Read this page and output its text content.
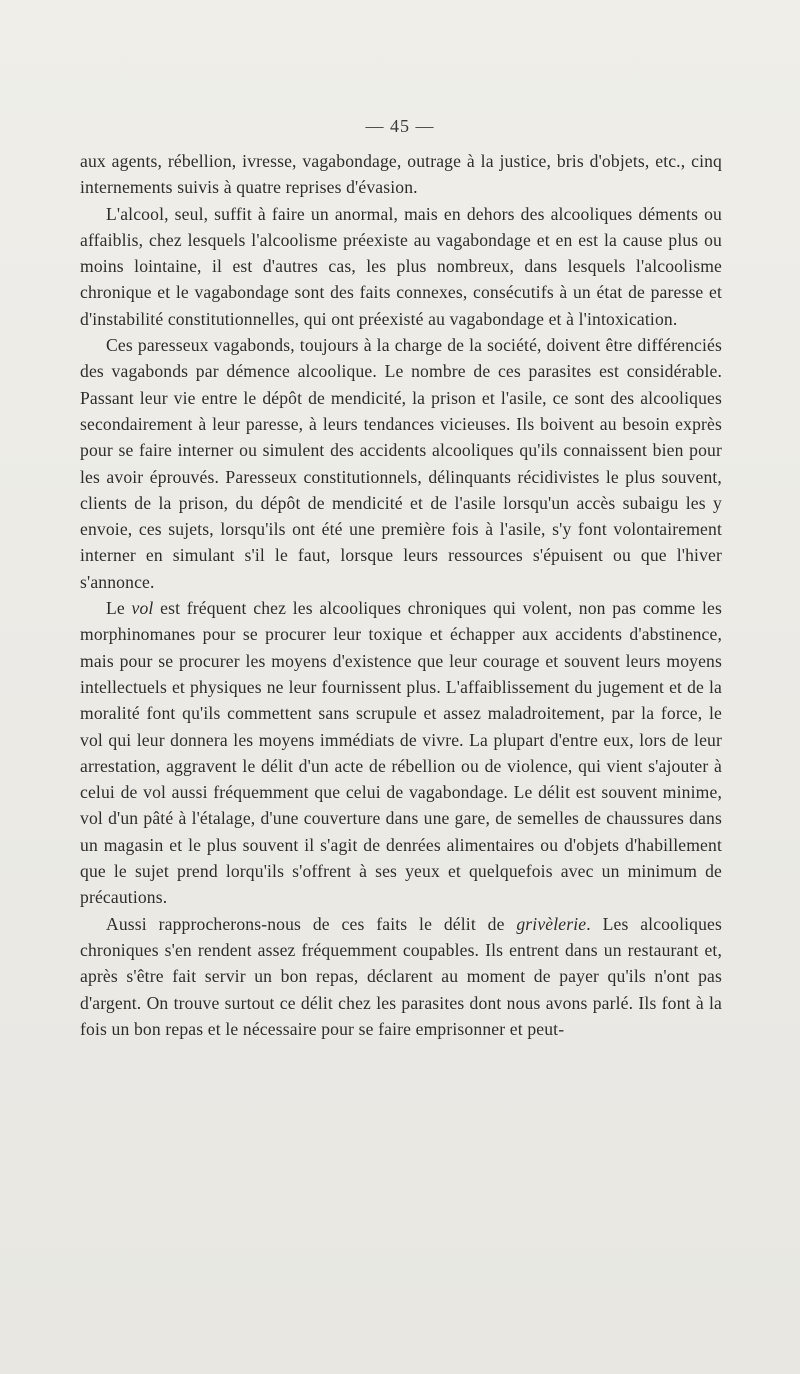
— 45 —

aux agents, rébellion, ivresse, vagabondage, outrage à la justice, bris d'objets, etc., cinq internements suivis à quatre reprises d'évasion.

L'alcool, seul, suffit à faire un anormal, mais en dehors des alcooliques déments ou affaiblis, chez lesquels l'alcoolisme préexiste au vagabondage et en est la cause plus ou moins lointaine, il est d'autres cas, les plus nombreux, dans lesquels l'alcoolisme chronique et le vagabondage sont des faits connexes, consécutifs à un état de paresse et d'instabilité constitutionnelles, qui ont préexisté au vagabondage et à l'intoxication.

Ces paresseux vagabonds, toujours à la charge de la société, doivent être différenciés des vagabonds par démence alcoolique. Le nombre de ces parasites est considérable. Passant leur vie entre le dépôt de mendicité, la prison et l'asile, ce sont des alcooliques secondairement à leur paresse, à leurs tendances vicieuses. Ils boivent au besoin exprès pour se faire interner ou simulent des accidents alcooliques qu'ils connaissent bien pour les avoir éprouvés. Paresseux constitutionnels, délinquants récidivistes le plus souvent, clients de la prison, du dépôt de mendicité et de l'asile lorsqu'un accès subaigu les y envoie, ces sujets, lorsqu'ils ont été une première fois à l'asile, s'y font volontairement interner en simulant s'il le faut, lorsque leurs ressources s'épuisent ou que l'hiver s'annonce.

Le vol est fréquent chez les alcooliques chroniques qui volent, non pas comme les morphinomanes pour se procurer leur toxique et échapper aux accidents d'abstinence, mais pour se procurer les moyens d'existence que leur courage et souvent leurs moyens intellectuels et physiques ne leur fournissent plus. L'affaiblissement du jugement et de la moralité font qu'ils commettent sans scrupule et assez maladroitement, par la force, le vol qui leur donnera les moyens immédiats de vivre. La plupart d'entre eux, lors de leur arrestation, aggravent le délit d'un acte de rébellion ou de violence, qui vient s'ajouter à celui de vol aussi fréquemment que celui de vagabondage. Le délit est souvent minime, vol d'un pâté à l'étalage, d'une couverture dans une gare, de semelles de chaussures dans un magasin et le plus souvent il s'agit de denrées alimentaires ou d'objets d'habillement que le sujet prend lorqu'ils s'offrent à ses yeux et quelquefois avec un minimum de précautions.

Aussi rapprocherons-nous de ces faits le délit de grivèlerie. Les alcooliques chroniques s'en rendent assez fréquemment coupables. Ils entrent dans un restaurant et, après s'être fait servir un bon repas, déclarent au moment de payer qu'ils n'ont pas d'argent. On trouve surtout ce délit chez les parasites dont nous avons parlé. Ils font à la fois un bon repas et le nécessaire pour se faire emprisonner et peut-
